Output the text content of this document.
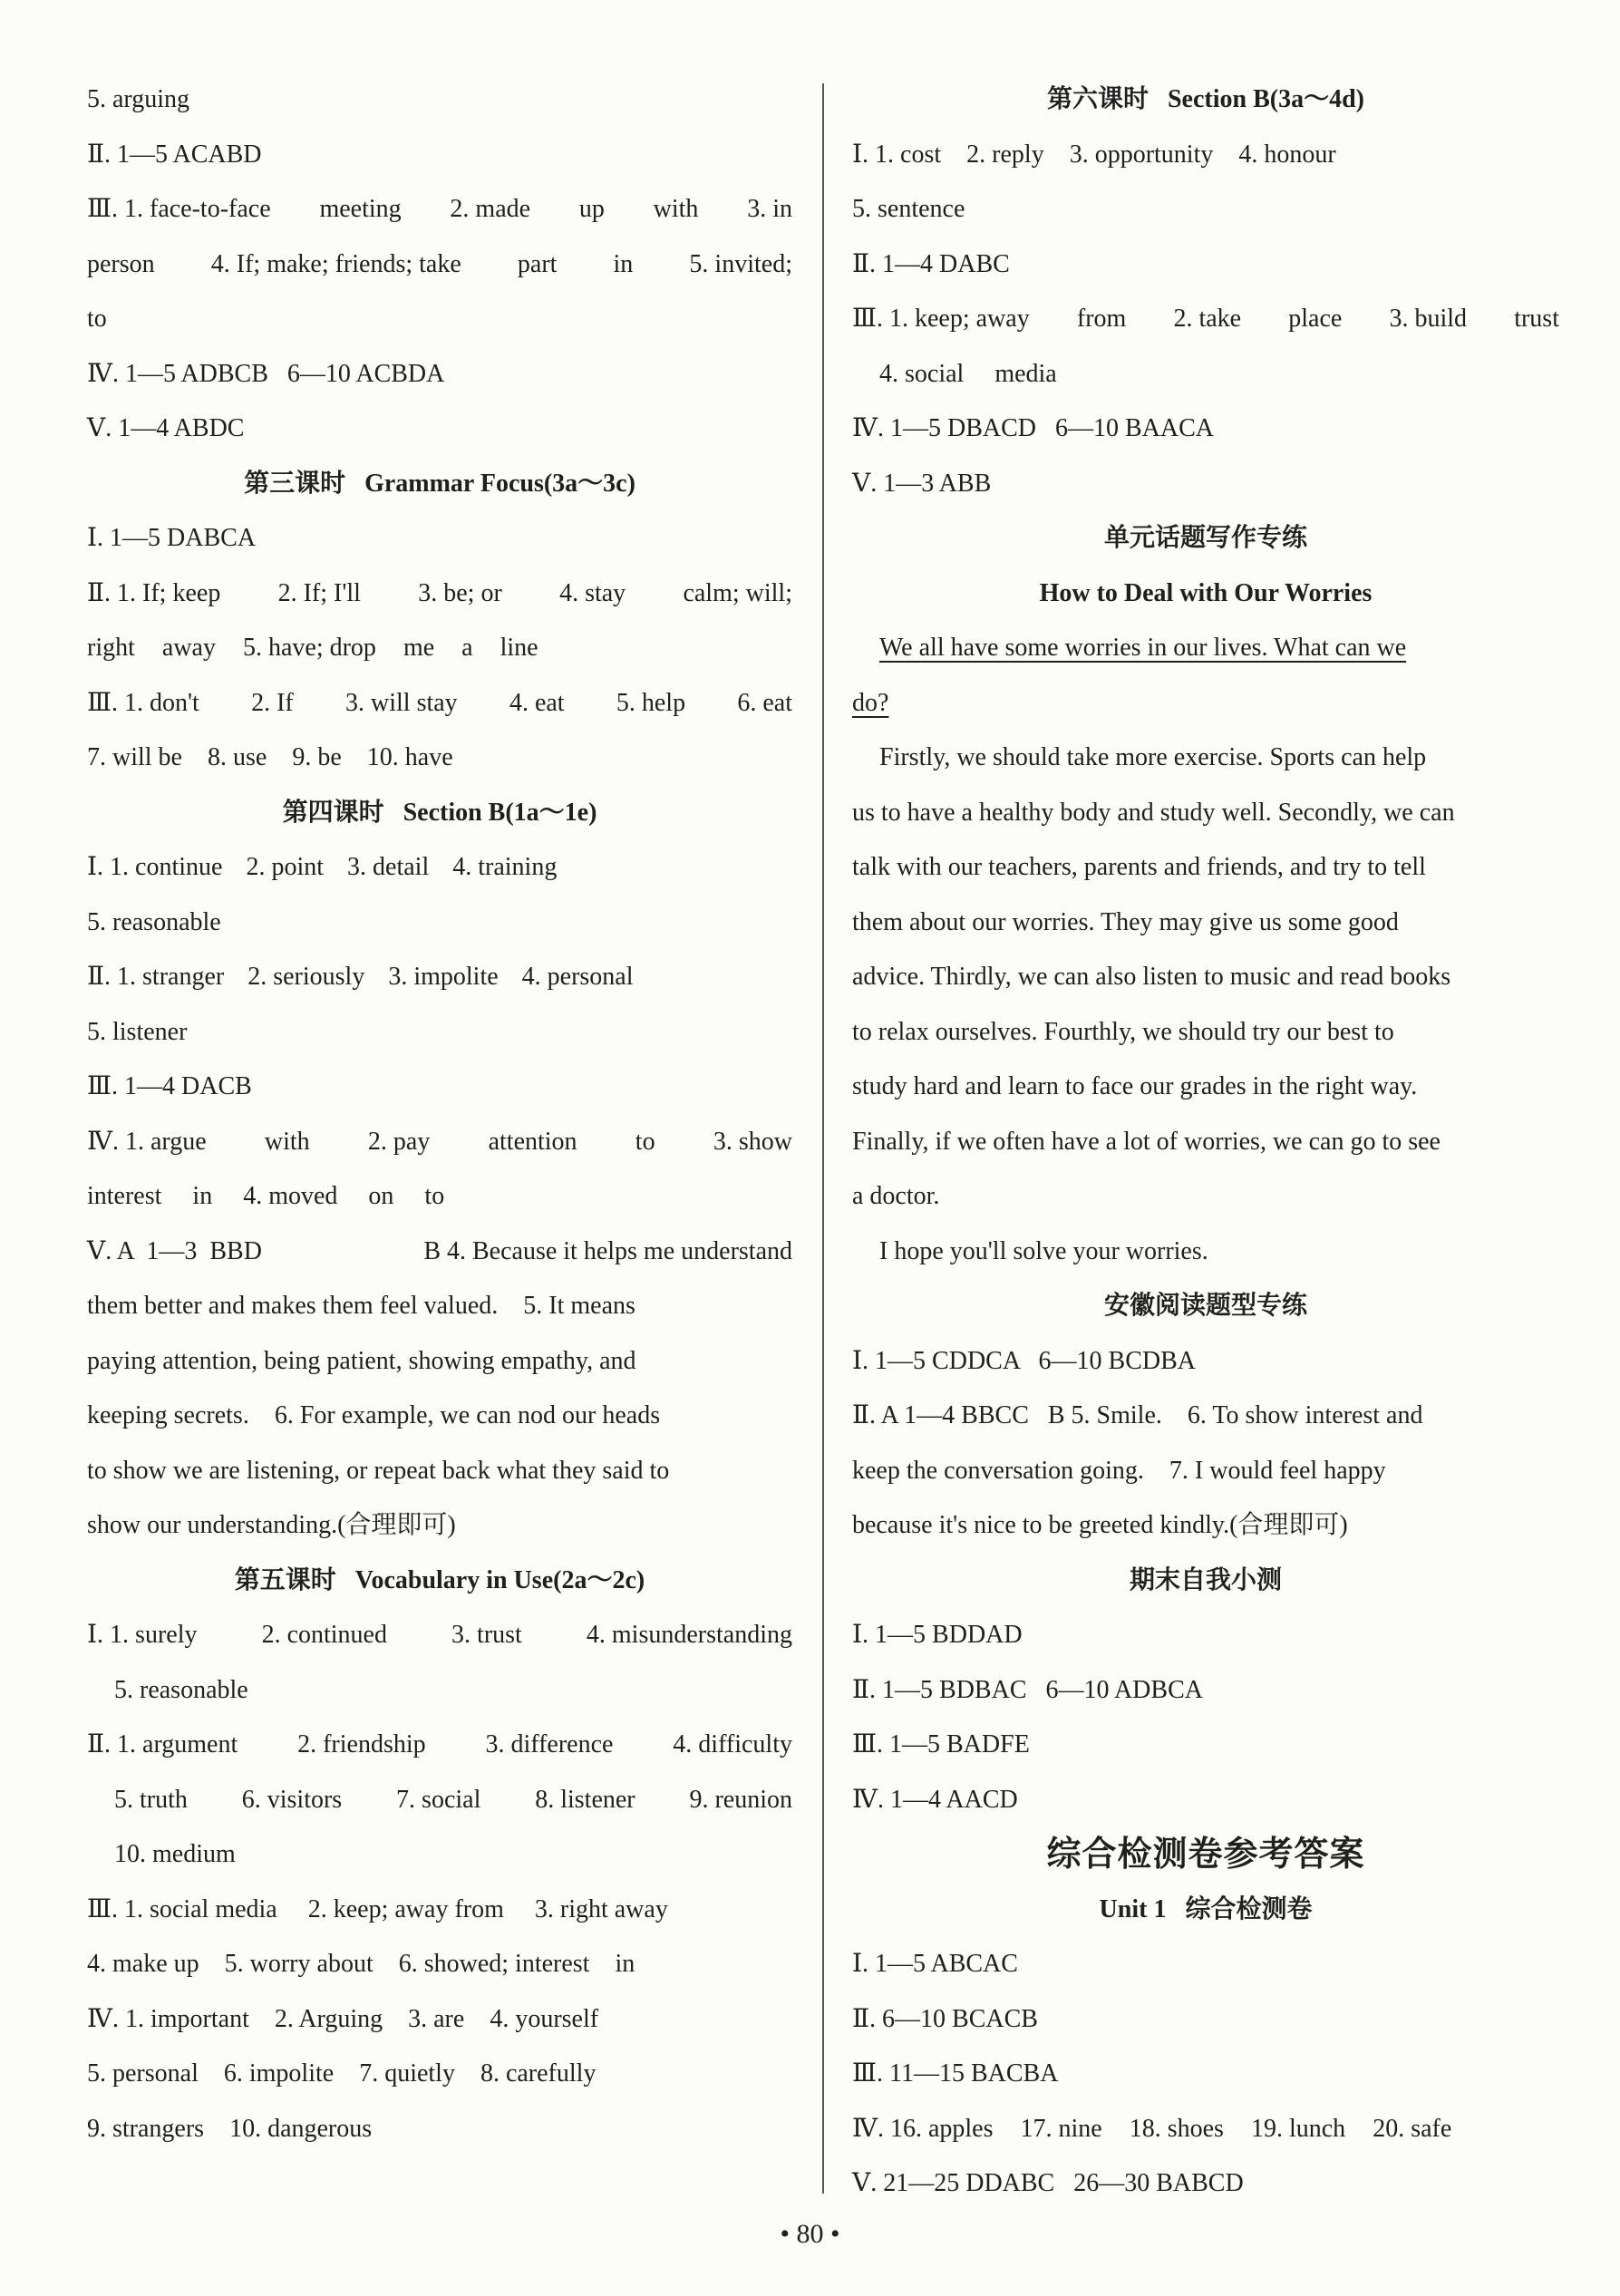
5. arguing
Ⅱ. 1—5 ACABD
Ⅲ. 1. face-to-face meeting 2. made up with 3. in
person 4. If; make; friends; take part in 5. invited;
to
Ⅳ. 1—5 ADBCB   6—10 ACBDA
Ⅴ. 1—4 ABDC
第三课时   Grammar Focus(3a～3c)
Ⅰ. 1—5 DABCA
Ⅱ. 1. If; keep 2. If; I'll 3. be; or 4. stay calm; will;
right away 5. have; drop me a line
Ⅲ. 1. don't 2. If 3. will stay 4. eat 5. help 6. eat
7. will be 8. use 9. be 10. have
第四课时   Section B(1a～1e)
Ⅰ. 1. continue 2. point 3. detail 4. training
5. reasonable
Ⅱ. 1. stranger 2. seriously 3. impolite 4. personal
5. listener
Ⅲ. 1—4 DACB
Ⅳ. 1. argue with 2. pay attention to 3. show
interest in 4. moved on to
Ⅴ. A  1—3  BBD	B 4. Because it helps me understand
them better and makes them feel valued.    5. It means
paying attention, being patient, showing empathy, and
keeping secrets.    6. For example, we can nod our heads
to show we are listening, or repeat back what they said to
show our understanding.(合理即可)
第五课时   Vocabulary in Use(2a～2c)
Ⅰ. 1. surely	2. continued	3. trust	4. misunderstanding
5. reasonable
Ⅱ. 1. argument 2. friendship 3. difference 4. difficulty
5. truth 6. visitors 7. social 8. listener 9. reunion
10. medium
Ⅲ. 1. social media 2. keep; away from 3. right away
4. make up 5. worry about 6. showed; interest in
Ⅳ. 1. important 2. Arguing 3. are 4. yourself
5. personal 6. impolite 7. quietly 8. carefully
9. strangers 10. dangerous
第六课时   Section B(3a～4d)
Ⅰ. 1. cost 2. reply 3. opportunity 4. honour
5. sentence
Ⅱ. 1—4 DABC
Ⅲ. 1. keep; away from 2. take place 3. build trust
4. social media
Ⅳ. 1—5 DBACD   6—10 BAACA
Ⅴ. 1—3 ABB
单元话题写作专练
How to Deal with Our Worries
We all have some worries in our lives. What can we
do?
Firstly, we should take more exercise. Sports can help
us to have a healthy body and study well. Secondly, we can
talk with our teachers, parents and friends, and try to tell
them about our worries. They may give us some good
advice. Thirdly, we can also listen to music and read books
to relax ourselves. Fourthly, we should try our best to
study hard and learn to face our grades in the right way.
Finally, if we often have a lot of worries, we can go to see
a doctor.
I hope you'll solve your worries.
安徽阅读题型专练
Ⅰ. 1—5 CDDCA   6—10 BCDBA
Ⅱ. A 1—4 BBCC   B 5. Smile.    6. To show interest and
keep the conversation going.    7. I would feel happy
because it's nice to be greeted kindly.(合理即可)
期末自我小测
Ⅰ. 1—5 BDDAD
Ⅱ. 1—5 BDBAC   6—10 ADBCA
Ⅲ. 1—5 BADFE
Ⅳ. 1—4 AACD
综合检测卷参考答案
Unit 1   综合检测卷
Ⅰ. 1—5 ABCAC
Ⅱ. 6—10 BCACB
Ⅲ. 11—15 BACBA
Ⅳ. 16. apples 17. nine 18. shoes 19. lunch 20. safe
Ⅴ. 21—25 DDABC   26—30 BABCD
• 80 •
